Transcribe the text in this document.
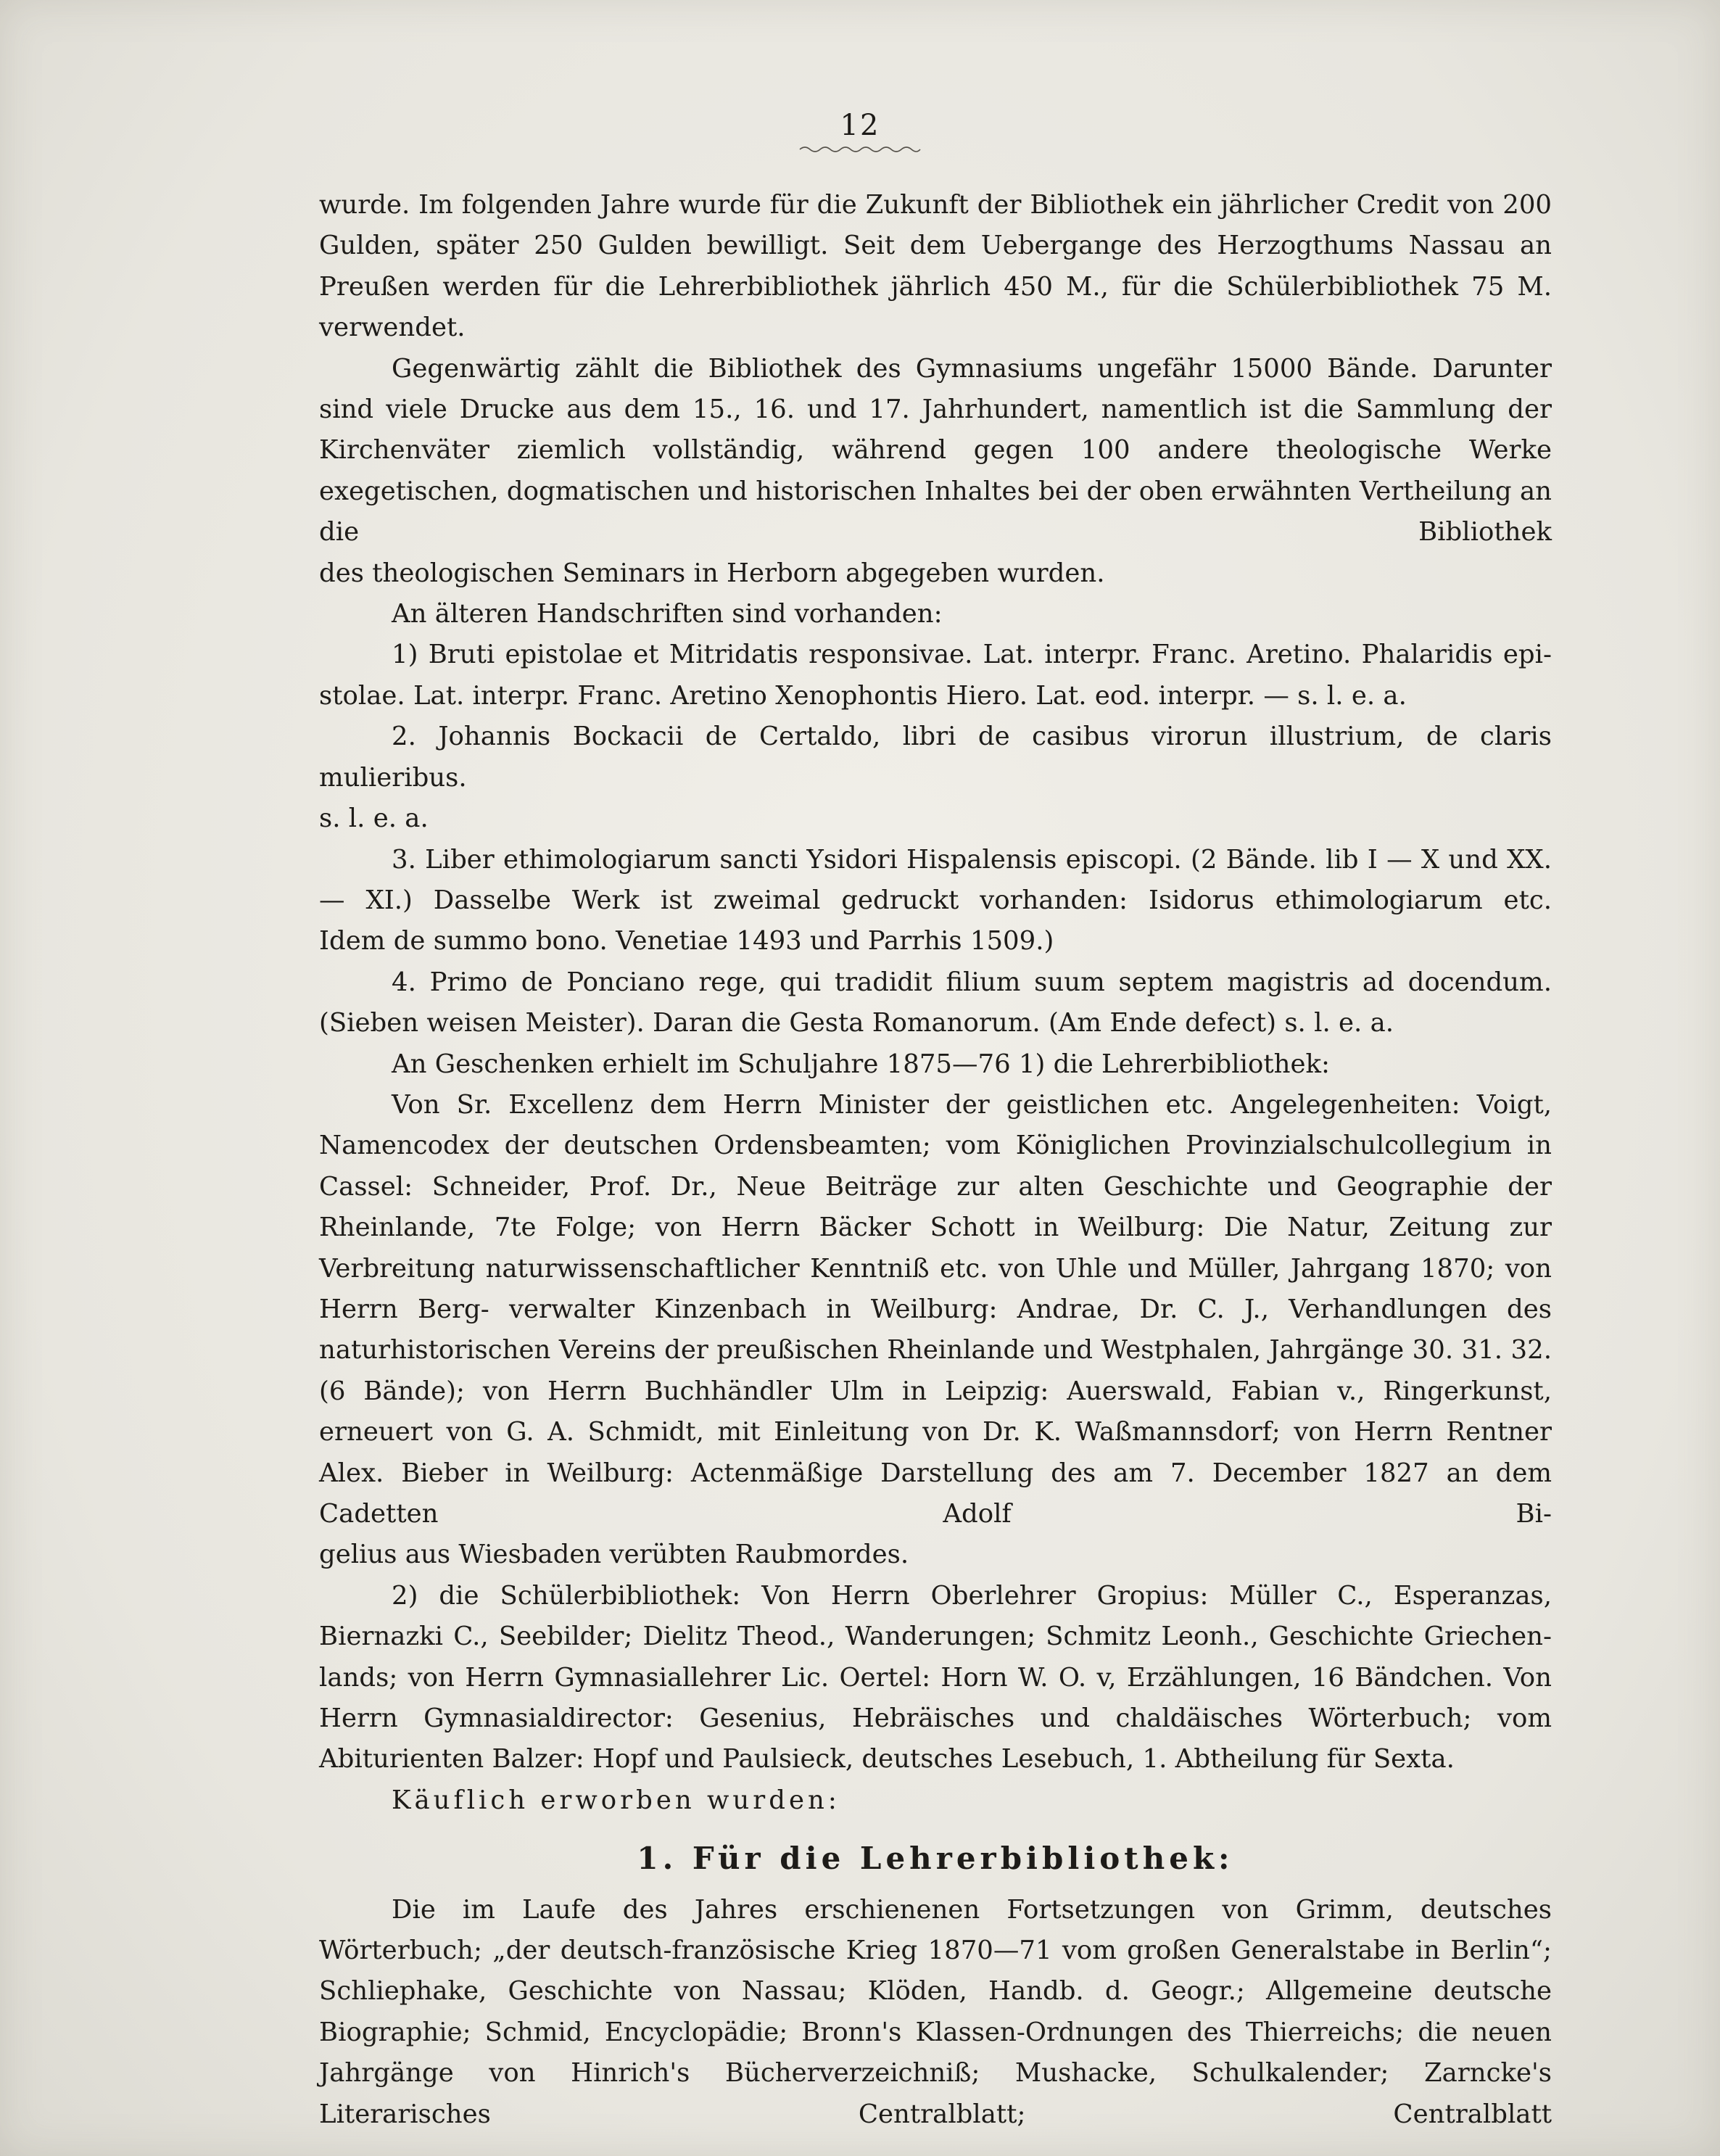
12

wurde. Im folgenden Jahre wurde für die Zukunft der Bibliothek ein jährlicher Credit von 200 Gulden, später 250 Gulden bewilligt. Seit dem Uebergange des Herzogthums Nassau an Preußen werden für die Lehrerbibliothek jährlich 450 M., für die Schülerbibliothek 75 M.

verwendet.

Gegenwärtig zählt die Bibliothek des Gymnasiums ungefähr 15000 Bände. Darunter sind viele Drucke aus dem 15., 16. und 17. Jahrhundert, namentlich ist die Sammlung der Kirchenväter ziemlich vollständig, während gegen 100 andere theologische Werke exegetischen, dogmatischen und historischen Inhaltes bei der oben erwähnten Vertheilung an die Bibliothek

des theologischen Seminars in Herborn abgegeben wurden.

An älteren Handschriften sind vorhanden:

1) Bruti epistolae et Mitridatis responsivae. Lat. interpr. Franc. Aretino. Phalaridis epi-

stolae. Lat. interpr. Franc. Aretino Xenophontis Hiero. Lat. eod. interpr. — s. l. e. a.

2. Johannis Bockacii de Certaldo, libri de casibus virorun illustrium, de claris mulieribus.

s. l. e. a.

3. Liber ethimologiarum sancti Ysidori Hispalensis episcopi. (2 Bände. lib I — X und XX. — XI.) Dasselbe Werk ist zweimal gedruckt vorhanden: Isidorus ethimologiarum etc.

Idem de summo bono. Venetiae 1493 und Parrhis 1509.)

4. Primo de Ponciano rege, qui tradidit filium suum septem magistris ad docendum.

(Sieben weisen Meister). Daran die Gesta Romanorum. (Am Ende defect) s. l. e. a.

An Geschenken erhielt im Schuljahre 1875—76 1) die Lehrerbibliothek:

Von Sr. Excellenz dem Herrn Minister der geistlichen etc. Angelegenheiten: Voigt, Namencodex der deutschen Ordensbeamten; vom Königlichen Provinzialschulcollegium in Cassel: Schneider, Prof. Dr., Neue Beiträge zur alten Geschichte und Geographie der Rheinlande, 7te Folge; von Herrn Bäcker Schott in Weilburg: Die Natur, Zeitung zur Verbreitung naturwissenschaftlicher Kenntniß etc. von Uhle und Müller, Jahrgang 1870; von Herrn Berg- verwalter Kinzenbach in Weilburg: Andrae, Dr. C. J., Verhandlungen des naturhistorischen Vereins der preußischen Rheinlande und Westphalen, Jahrgänge 30. 31. 32. (6 Bände); von Herrn Buchhändler Ulm in Leipzig: Auerswald, Fabian v., Ringerkunst, erneuert von G. A. Schmidt, mit Einleitung von Dr. K. Waßmannsdorf; von Herrn Rentner Alex. Bieber in Weilburg: Actenmäßige Darstellung des am 7. December 1827 an dem Cadetten Adolf Bi-

gelius aus Wiesbaden verübten Raubmordes.

2) die Schülerbibliothek: Von Herrn Oberlehrer Gropius: Müller C., Esperanzas, Biernazki C., Seebilder; Dielitz Theod., Wanderungen; Schmitz Leonh., Geschichte Griechen- lands; von Herrn Gymnasiallehrer Lic. Oertel: Horn W. O. v, Erzählungen, 16 Bändchen. Von Herrn Gymnasialdirector: Gesenius, Hebräisches und chaldäisches Wörterbuch; vom

Abiturienten Balzer: Hopf und Paulsieck, deutsches Lesebuch, 1. Abtheilung für Sexta.

Käuflich erworben wurden:

1. Für die Lehrerbibliothek:

Die im Laufe des Jahres erschienenen Fortsetzungen von Grimm, deutsches Wörterbuch; „der deutsch-französische Krieg 1870—71 vom großen Generalstabe in Berlin“; Schliephake, Geschichte von Nassau; Klöden, Handb. d. Geogr.; Allgemeine deutsche Biographie; Schmid, Encyclopädie; Bronn's Klassen-Ordnungen des Thierreichs; die neuen Jahrgänge von Hinrich's Bücherverzeichniß; Mushacke, Schulkalender; Zarncke's Literarisches Centralblatt; Centralblatt
